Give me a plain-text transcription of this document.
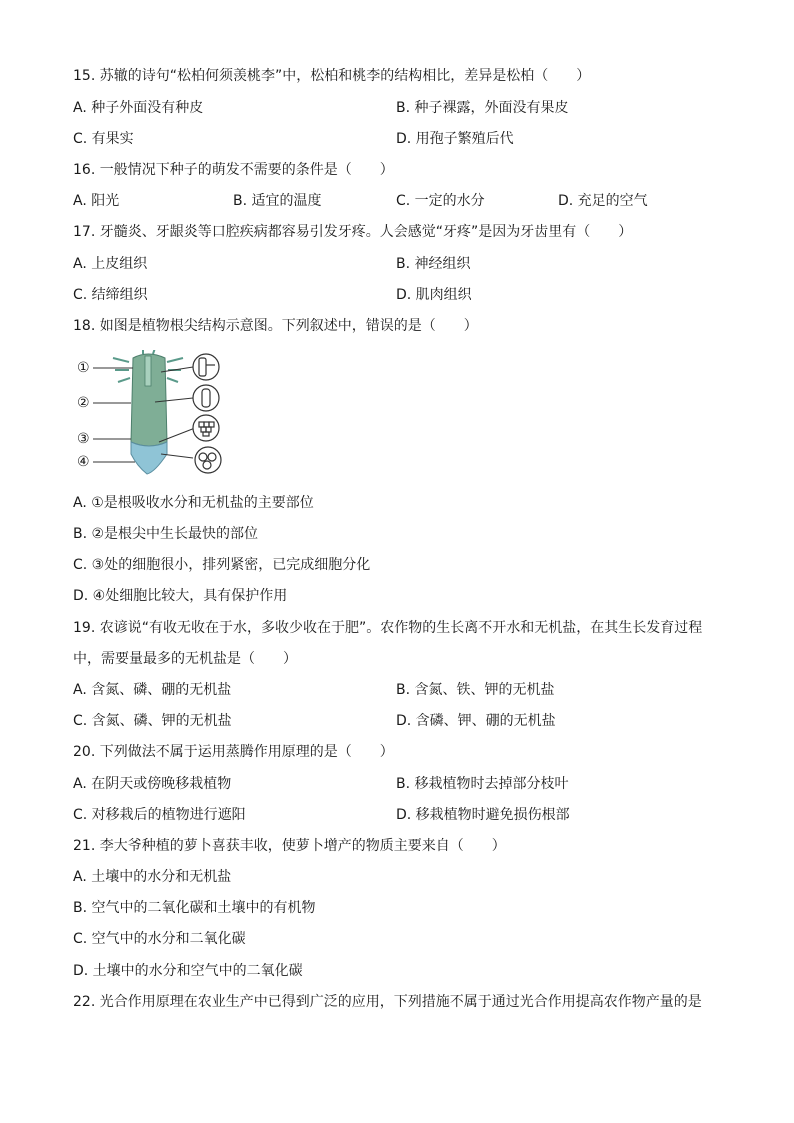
15. 苏辙的诗句“松柏何须羡桃李”中，松柏和桃李的结构相比，差异是松柏（　　）
A. 种子外面没有种皮	B. 种子裸露，外面没有果皮
C. 有果实	D. 用孢子繁殖后代
16. 一般情况下种子的萌发不需要的条件是（　　）
A. 阳光	B. 适宜的温度	C. 一定的水分	D. 充足的空气
17. 牙髓炎、牙龈炎等口腔疾病都容易引发牙疼。人会感觉“牙疼”是因为牙齿里有（　　）
A. 上皮组织	B. 神经组织
C. 结缔组织	D. 肌肉组织
18. 如图是植物根尖结构示意图。下列叙述中，错误的是（　　）
①
②
③
④
A. ①是根吸收水分和无机盐的主要部位
B. ②是根尖中生长最快的部位
C. ③处的细胞很小，排列紧密，已完成细胞分化
D. ④处细胞比较大，具有保护作用
19. 农谚说“有收无收在于水，多收少收在于肥”。农作物的生长离不开水和无机盐，在其生长发育过程
中，需要量最多的无机盐是（　　）
A. 含氮、磷、硼的无机盐	B. 含氮、铁、钾的无机盐
C. 含氮、磷、钾的无机盐	D. 含磷、钾、硼的无机盐
20. 下列做法不属于运用蒸腾作用原理的是（　　）
A. 在阴天或傍晚移栽植物	B. 移栽植物时去掉部分枝叶
C. 对移栽后的植物进行遮阳	D. 移栽植物时避免损伤根部
21. 李大爷种植的萝卜喜获丰收，使萝卜增产的物质主要来自（　　）
A. 土壤中的水分和无机盐
B. 空气中的二氧化碳和土壤中的有机物
C. 空气中的水分和二氧化碳
D. 土壤中的水分和空气中的二氧化碳
22. 光合作用原理在农业生产中已得到广泛的应用，下列措施不属于通过光合作用提高农作物产量的是
